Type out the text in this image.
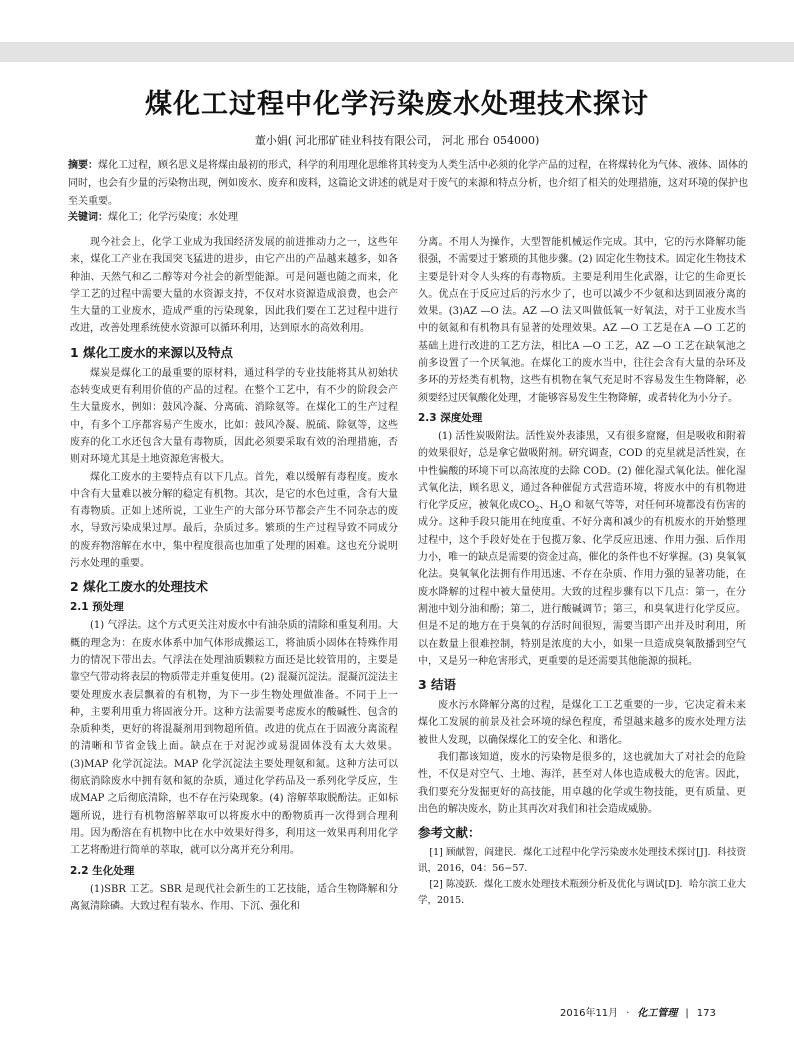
煤化工过程中化学污染废水处理技术探讨
董小娟( 河北邢矿硅业科技有限公司， 河北 邢台 054000)
摘要：煤化工过程，顾名思义是将煤由最初的形式，科学的利用理化思维将其转变为人类生活中必须的化学产品的过程，在将煤转化为气体、液体、固体的同时，也会有少量的污染物出现，例如废水、废弃和废料，这篇论文讲述的就是对于废气的来源和特点分析，也介绍了相关的处理措施，这对环境的保护也至关重要。
关键词：煤化工；化学污染度；水处理

现今社会上，化学工业成为我国经济发展的前进推动力之一，这些年来，煤化工产业在我国突飞猛进的进步，由它产出的产品越来越多，如各种油、天然气和乙二醇等对今社会的新型能源。可是问题也随之而来，化学工艺的过程中需要大量的水资源支持，不仅对水资源造成浪费，也会产生大量的工业废水，造成严重的污染现象，因此我们要在工艺过程中进行改进，改善处理系统使水资源可以循环利用，达到原水的高效利用。

1 煤化工废水的来源以及特点

煤炭是煤化工的最重要的原材料，通过科学的专业技能将其从初始状态转变成更有利用价值的产品的过程。在整个工艺中，有不少的阶段会产生大量废水，例如：鼓风冷凝、分离硫、消除氨等。在煤化工的生产过程中，有多个工序都容易产生废水，比如：鼓风冷凝、脱硫、除氨等，这些废弃的化工水还包含大量有毒物质，因此必须要采取有效的治理措施，否则对环境尤其是土地资源危害极大。

煤化工废水的主要特点有以下几点。首先，难以缓解有毒程度。废水中含有大量难以被分解的稳定有机物。其次，是它的水色过重，含有大量有毒物质。正如上述所说，工业生产的大部分环节都会产生不同杂志的废水，导致污染成果过厚。最后，杂质过多。繁琐的生产过程导致不同成分的废弃物溶解在水中，集中程度很高也加重了处理的困难。这也充分说明污水处理的重要。

2 煤化工废水的处理技术
2.1 预处理

(1) 气浮法。这个方式更关注对废水中有油杂质的清除和重复利用。大概的理念为：在废水体系中加气体形成搬运工，将油质小固体在特殊作用力的情况下带出去。气浮法在处理油质颗粒方面还是比较管用的，主要是靠空气带动将表层的物质带走并重复使用。(2) 混凝沉淀法。混凝沉淀法主要处理废水表层飘着的有机物，为下一步生物处理做准备。不同于上一种，主要利用重力将固液分开。这种方法需要考虑废水的酸碱性、包含的杂质种类，更好的将混凝剂用到物超所值。改进的优点在于固液分离流程的清晰和节省金钱上面。缺点在于对泥沙或易混固体没有太大效果。(3)MAP 化学沉淀法。MAP 化学沉淀法主要处理氨和氮。这种方法可以彻底消除废水中拥有氨和氮的杂质，通过化学药品及一系列化学反应，生成MAP 之后彻底清除，也不存在污染现象。(4) 溶解萃取脱酚法。正如标题所说，进行有机物溶解萃取可以将废水中的酚物质再一次得到合理利用。因为酚溶在有机物中比在水中效果好得多，利用这一效果再利用化学工艺将酚进行简单的萃取，就可以分离并充分利用。

2.2 生化处理

(1)SBR 工艺。SBR 是现代社会新生的工艺技能，适合生物降解和分离氮清除磷。大致过程有装水、作用、下沉、强化和

分离。不用人为操作，大型智能机械运作完成。其中，它的污水降解功能很强，不需要过于繁琐的其他步骤。(2) 固定化生物技术。固定化生物技术主要是针对令人头疼的有毒物质。主要是利用生化武器，让它的生命更长久。优点在于反应过后的污水少了，也可以减少不少氨和达到固液分离的效果。(3)AZ —O 法。AZ —O 法又叫做低氧一好氧法，对于工业废水当中的氨氮和有机物具有显著的处理效果。AZ —O 工艺是在A —O 工艺的基础上进行改进的工艺方法，相比A —O 工艺，AZ —O 工艺在缺氧池之前多设置了一个厌氧池。在煤化工的废水当中，往往会含有大量的杂环及多环的芳烃类有机物，这些有机物在氧气充足时不容易发生生物降解，必须要经过厌氧酸化处理，才能够容易发生生物降解，或者转化为小分子。

2.3 深度处理

(1) 活性炭吸附法。活性炭外表漆黑，又有很多窟窿，但是吸收和附着的效果很好，总是拿它做吸附剂。研究调查，COD 的克星就是活性炭，在中性偏酸的环境下可以高浓度的去除 COD。(2) 催化湿式氧化法。催化湿式氧化法，顾名思义，通过各种催促方式营造环境，将废水中的有机物进行化学反应，被氧化成$CO_2$、$H_2O$ 和氨气等等，对任何环境都没有伤害的成分。这种手段只能用在纯度重、不好分离和减少的有机废水的开始整理过程中，这个手段好处在于包揽万象、化学反应迅速、作用力强、后作用力小，唯一的缺点是需要的资金过高，催化的条件也不好掌握。(3) 臭氧氧化法。臭氧氧化法拥有作用迅速、不存在杂质、作用力强的显著功能，在废水降解的过程中被大量使用。大致的过程步骤有以下几点：第一，在分割池中划分油和酚；第二，进行酸碱调节；第三，和臭氧进行化学反应。但是不足的地方在于臭氧的存活时间很短，需要当即产出并及时利用，所以在数量上很难控制，特别是浓度的大小，如果一旦造成臭氧散播到空气中，又是另一种危害形式，更重要的是还需要其他能源的损耗。

3 结语

废水污水降解分离的过程，是煤化工工艺重要的一步，它决定着未来煤化工发展的前景及社会环境的绿色程度，希望越来越多的废水处理方法被世人发现，以确保煤化工的安全化、和谐化。

我们都该知道，废水的污染物是很多的，这也就加大了对社会的危险性，不仅是对空气、土地、海洋，甚至对人体也造成极大的危害。因此，我们要充分发掘更好的高技能，用卓越的化学或生物技能，更有质量、更出色的解决废水，防止其再次对我们和社会造成威胁。

参考文献：

[1] 顾献智，阎建民．煤化工过程中化学污染废水处理技术探讨[J]．科技资讯，2016，04：56−57．

[2] 陈凌跃．煤化工废水处理技术瓶颈分析及优化与调试[D]．哈尔滨工业大学，2015．

2016年11月 · 化工管理 | 173
